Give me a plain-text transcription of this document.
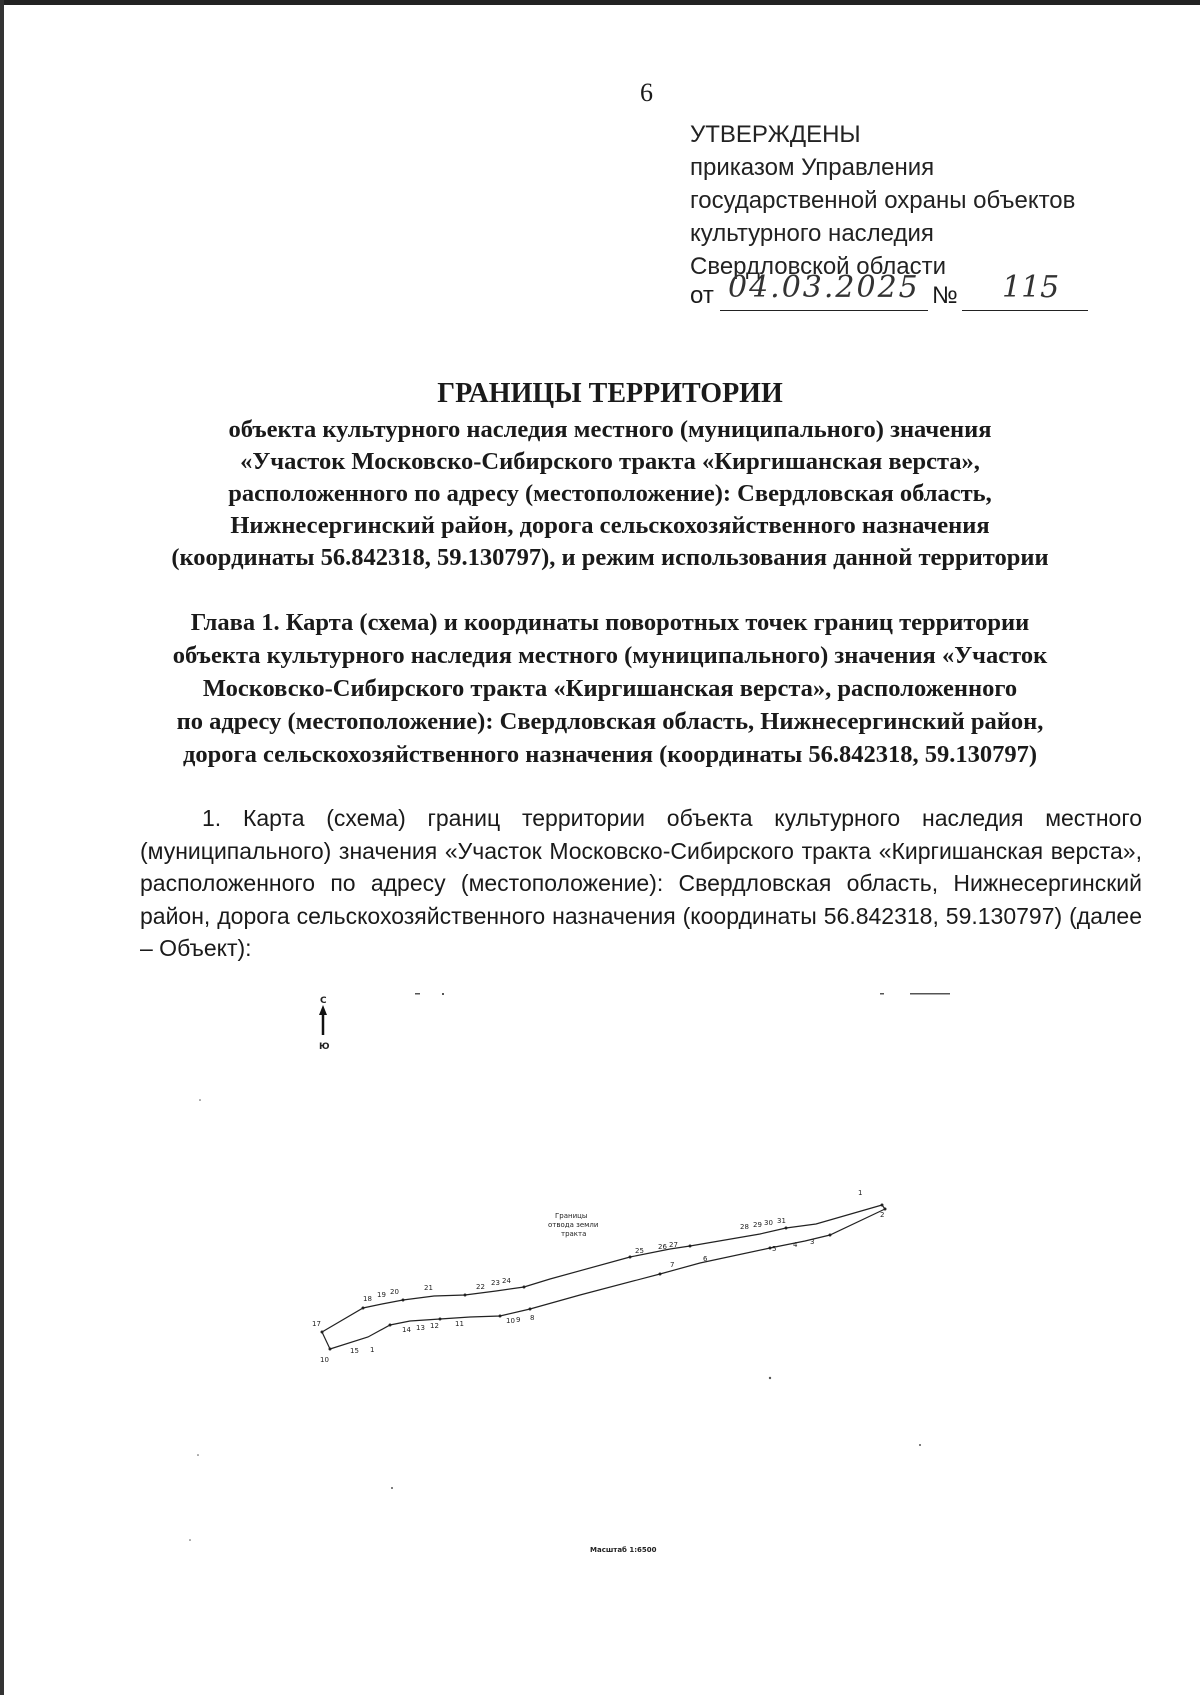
6
УТВЕРЖДЕНЫ
приказом Управления
государственной охраны объектов
культурного наследия
Свердловской области
от 04.03.2025 № 115
ГРАНИЦЫ ТЕРРИТОРИИ
объекта культурного наследия местного (муниципального) значения
«Участок Московско-Сибирского тракта «Киргишанская верста»,
расположенного по адресу (местоположение): Свердловская область,
Нижнесергинский район, дорога сельскохозяйственного назначения
(координаты 56.842318, 59.130797), и режим использования данной территории
Глава 1. Карта (схема) и координаты поворотных точек границ территории
объекта культурного наследия местного (муниципального) значения «Участок
Московско-Сибирского тракта «Киргишанская верста», расположенного
по адресу (местоположение): Свердловская область, Нижнесергинский район,
дорога сельскохозяйственного назначения (координаты 56.842318, 59.130797)
1. Карта (схема) границ территории объекта культурного наследия местного (муниципального) значения «Участок Московско-Сибирского тракта «Киргишанская верста», расположенного по адресу (местоположение): Свердловская область, Нижнесергинский район, дорога сельскохозяйственного назначения (координаты 56.842318, 59.130797) (далее – Объект):
С
Ю
Границы
отвода земли
тракта
17
18 19 20	21	22 23 24
25 26 27
28 29 30 31
1
2
10
15 1
14 13 12 11	10 9 8
7
6
5 4 3
Масштаб 1:6500
